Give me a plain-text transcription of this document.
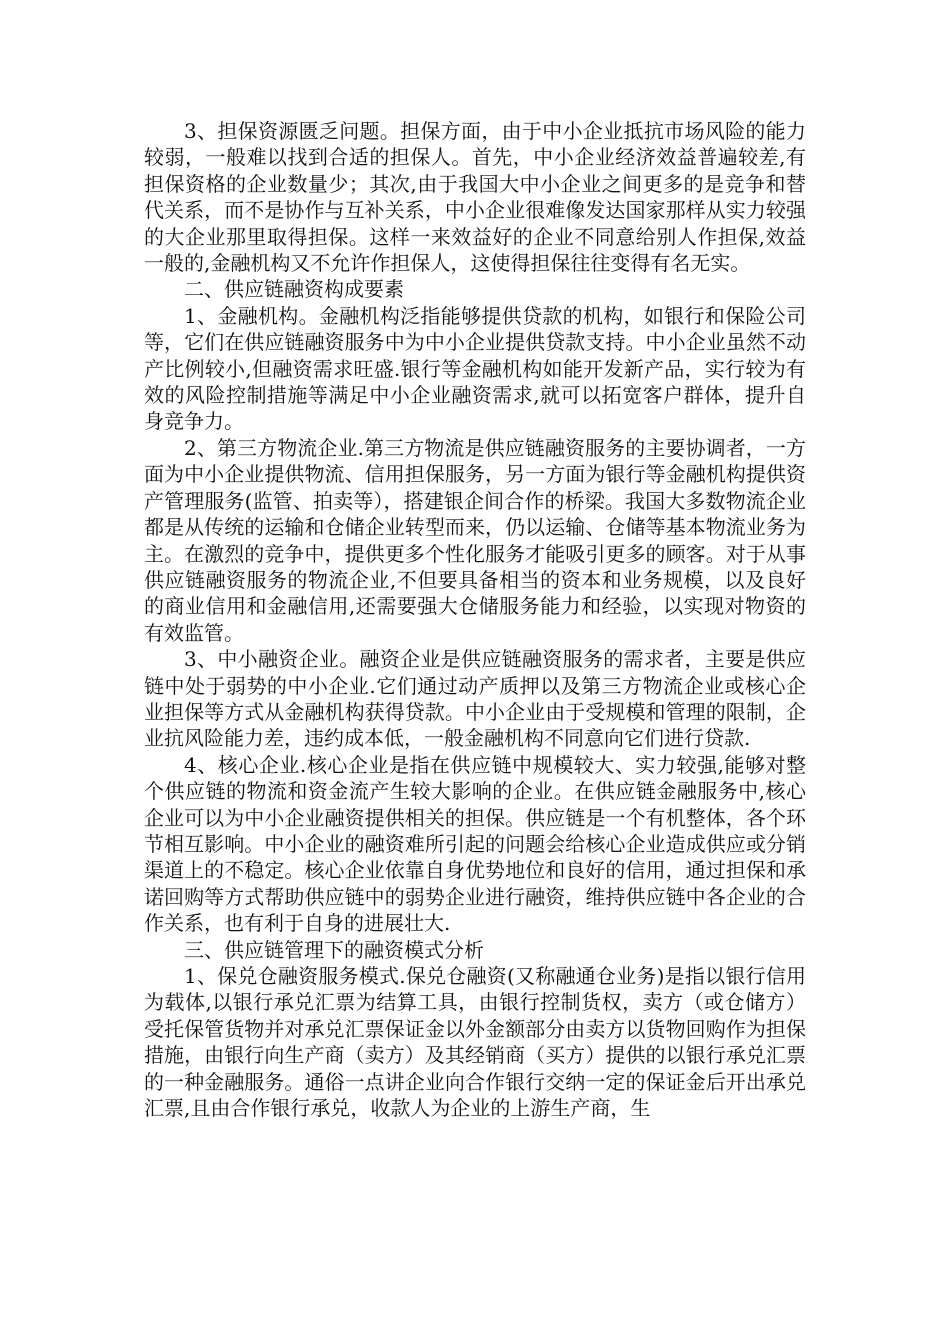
3、担保资源匮乏问题。担保方面，由于中小企业抵抗市场风险的能力较弱，一般难以找到合适的担保人。首先，中小企业经济效益普遍较差,有担保资格的企业数量少；其次,由于我国大中小企业之间更多的是竞争和替代关系，而不是协作与互补关系，中小企业很难像发达国家那样从实力较强的大企业那里取得担保。这样一来效益好的企业不同意给别人作担保,效益一般的,金融机构又不允许作担保人，这使得担保往往变得有名无实。

二、供应链融资构成要素

1、金融机构。金融机构泛指能够提供贷款的机构，如银行和保险公司等，它们在供应链融资服务中为中小企业提供贷款支持。中小企业虽然不动产比例较小,但融资需求旺盛.银行等金融机构如能开发新产品，实行较为有效的风险控制措施等满足中小企业融资需求,就可以拓宽客户群体，提升自身竞争力。

2、第三方物流企业.第三方物流是供应链融资服务的主要协调者，一方面为中小企业提供物流、信用担保服务，另一方面为银行等金融机构提供资产管理服务(监管、拍卖等），搭建银企间合作的桥梁。我国大多数物流企业都是从传统的运输和仓储企业转型而来，仍以运输、仓储等基本物流业务为主。在激烈的竞争中，提供更多个性化服务才能吸引更多的顾客。对于从事供应链融资服务的物流企业,不但要具备相当的资本和业务规模，以及良好的商业信用和金融信用,还需要强大仓储服务能力和经验，以实现对物资的有效监管。

3、中小融资企业。融资企业是供应链融资服务的需求者，主要是供应链中处于弱势的中小企业.它们通过动产质押以及第三方物流企业或核心企业担保等方式从金融机构获得贷款。中小企业由于受规模和管理的限制，企业抗风险能力差，违约成本低，一般金融机构不同意向它们进行贷款.

4、核心企业.核心企业是指在供应链中规模较大、实力较强,能够对整个供应链的物流和资金流产生较大影响的企业。在供应链金融服务中,核心企业可以为中小企业融资提供相关的担保。供应链是一个有机整体，各个环节相互影响。中小企业的融资难所引起的问题会给核心企业造成供应或分销渠道上的不稳定。核心企业依靠自身优势地位和良好的信用，通过担保和承诺回购等方式帮助供应链中的弱势企业进行融资，维持供应链中各企业的合作关系，也有利于自身的进展壮大.

三、供应链管理下的融资模式分析

1、保兑仓融资服务模式.保兑仓融资(又称融通仓业务)是指以银行信用为载体,以银行承兑汇票为结算工具，由银行控制货权，卖方（或仓储方）受托保管货物并对承兑汇票保证金以外金额部分由卖方以货物回购作为担保措施，由银行向生产商（卖方）及其经销商（买方）提供的以银行承兑汇票的一种金融服务。通俗一点讲企业向合作银行交纳一定的保证金后开出承兑汇票,且由合作银行承兑，收款人为企业的上游生产商，生
